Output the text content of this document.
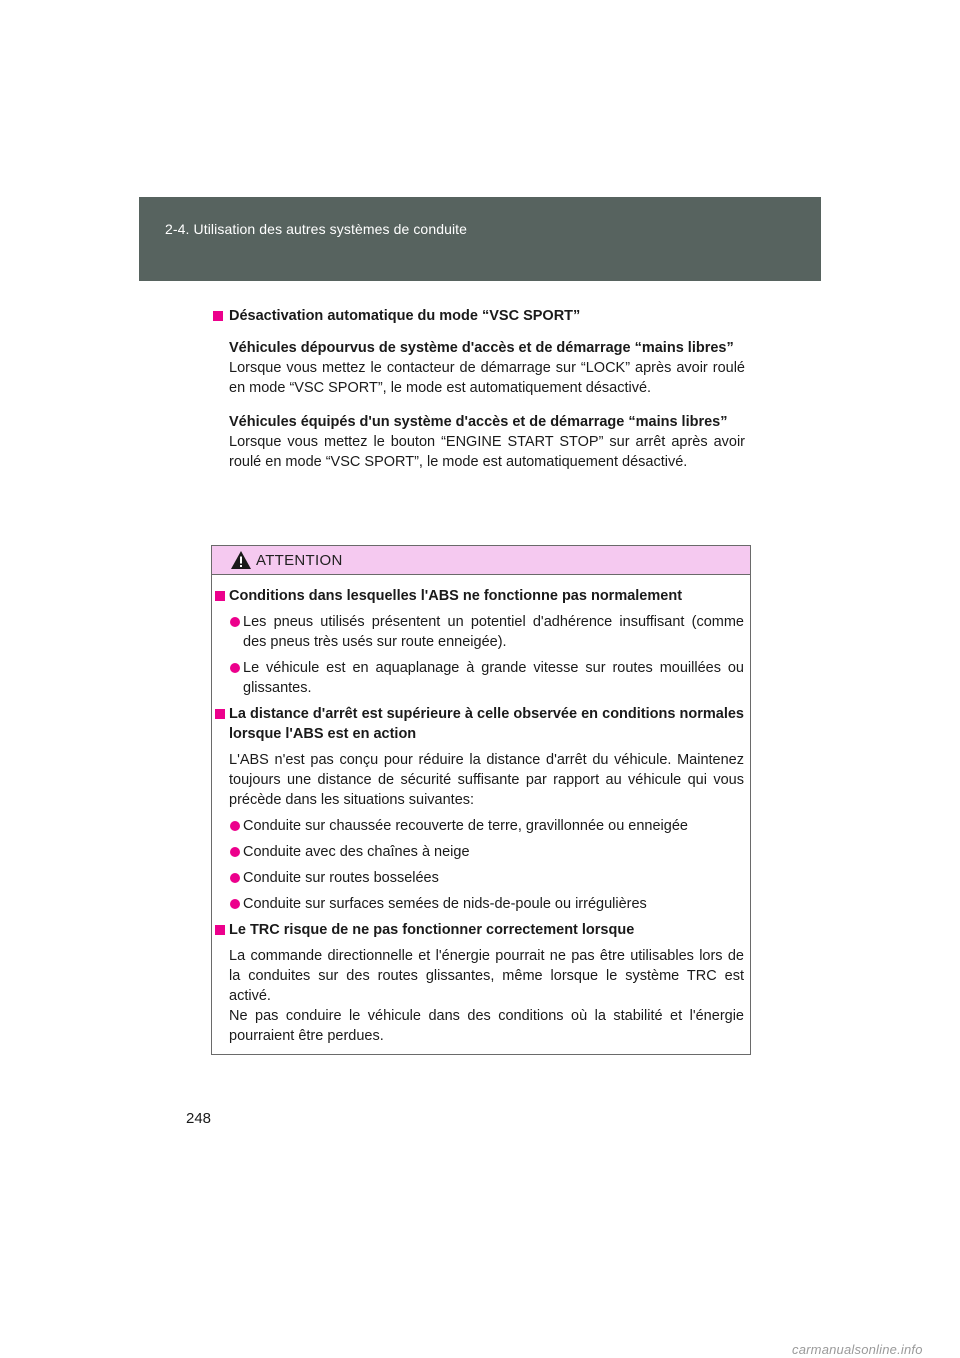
2-4. Utilisation des autres systèmes de conduite
Désactivation automatique du mode “VSC SPORT”
Véhicules dépourvus de système d'accès et de démarrage “mains libres”
Lorsque vous mettez le contacteur de démarrage sur “LOCK” après avoir roulé en mode “VSC SPORT”, le mode est automatiquement désactivé.
Véhicules équipés d'un système d'accès et de démarrage “mains libres”
Lorsque vous mettez le bouton “ENGINE START STOP” sur arrêt après avoir roulé en mode “VSC SPORT”, le mode est automatiquement désactivé.
ATTENTION
Conditions dans lesquelles l'ABS ne fonctionne pas normalement
Les pneus utilisés présentent un potentiel d'adhérence insuffisant (comme des pneus très usés sur route enneigée).
Le véhicule est en aquaplanage à grande vitesse sur routes mouillées ou glissantes.
La distance d'arrêt est supérieure à celle observée en conditions normales lorsque l'ABS est en action
L'ABS n'est pas conçu pour réduire la distance d'arrêt du véhicule. Maintenez toujours une distance de sécurité suffisante par rapport au véhicule qui vous précède dans les situations suivantes:
Conduite sur chaussée recouverte de terre, gravillonnée ou enneigée
Conduite avec des chaînes à neige
Conduite sur routes bosselées
Conduite sur surfaces semées de nids-de-poule ou irrégulières
Le TRC risque de ne pas fonctionner correctement lorsque
La commande directionnelle et l'énergie pourrait ne pas être utilisables lors de la conduites sur des routes glissantes, même lorsque le système TRC est activé.
Ne pas conduire le véhicule dans des conditions où la stabilité et l'énergie pourraient être perdues.
248
carmanualsonline.info
